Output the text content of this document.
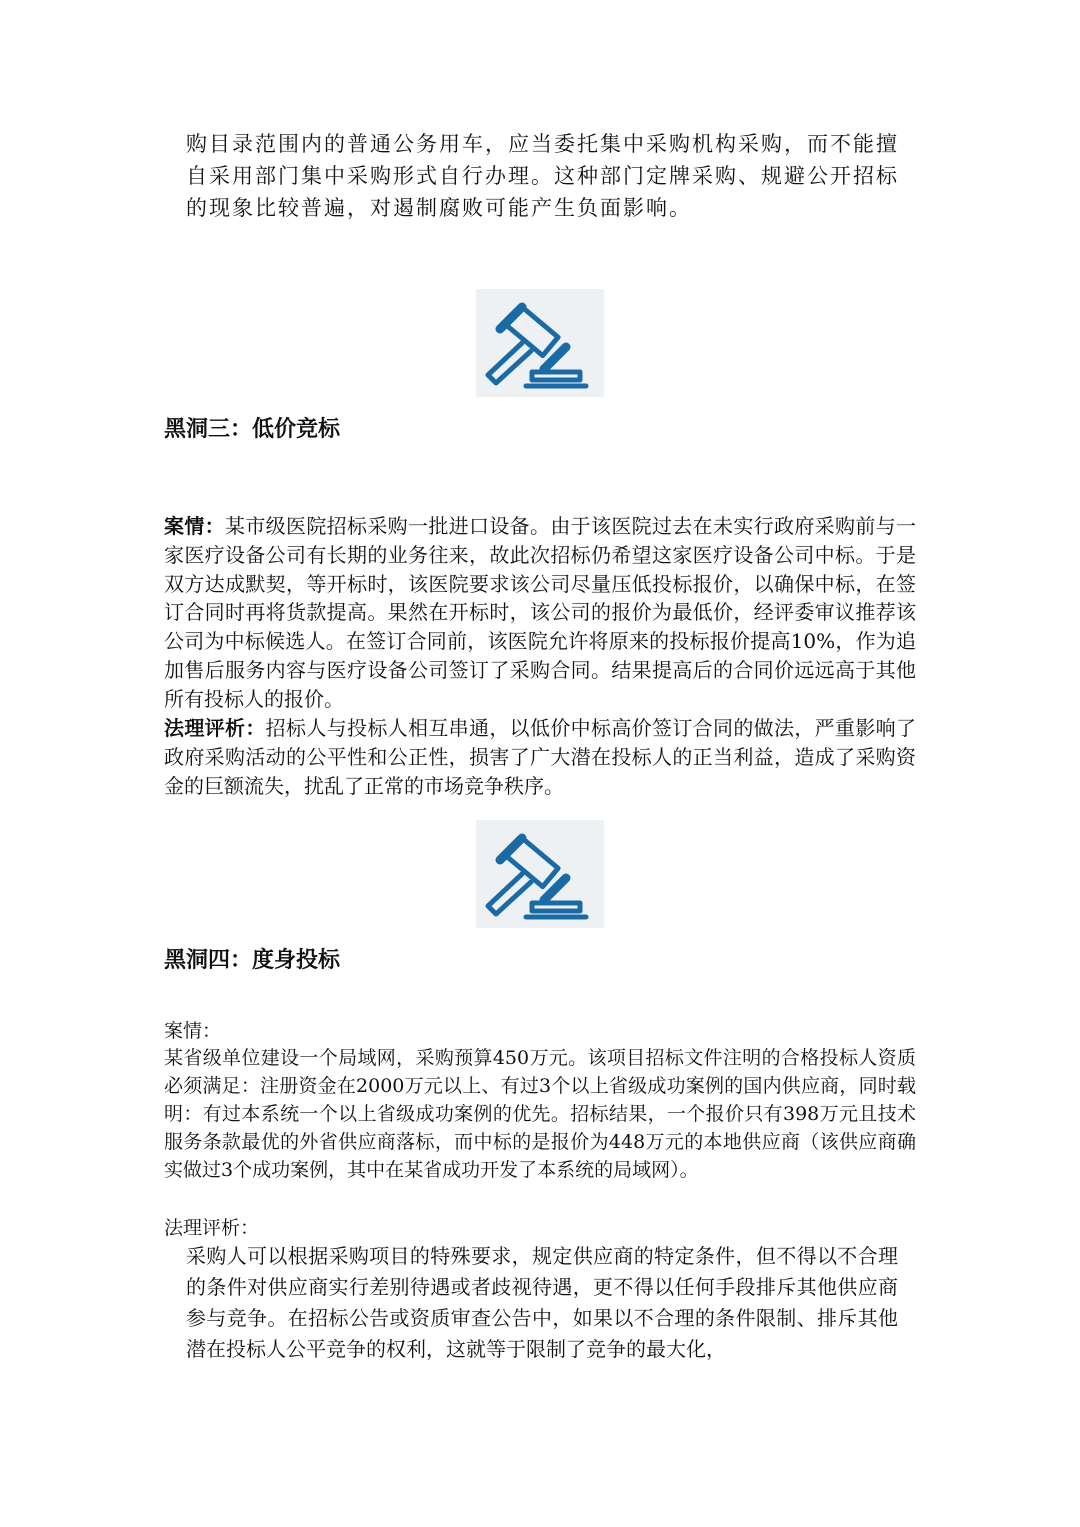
购目录范围内的普通公务用车，应当委托集中采购机构采购，而不能擅自采用部门集中采购形式自行办理。这种部门定牌采购、规避公开招标的现象比较普遍，对遏制腐败可能产生负面影响。
黑洞三：低价竞标
案情：某市级医院招标采购一批进口设备。由于该医院过去在未实行政府采购前与一家医疗设备公司有长期的业务往来，故此次招标仍希望这家医疗设备公司中标。于是双方达成默契，等开标时，该医院要求该公司尽量压低投标报价，以确保中标，在签订合同时再将货款提高。果然在开标时，该公司的报价为最低价，经评委审议推荐该公司为中标候选人。在签订合同前，该医院允许将原来的投标报价提高10%，作为追加售后服务内容与医疗设备公司签订了采购合同。结果提高后的合同价远远高于其他所有投标人的报价。
法理评析：招标人与投标人相互串通，以低价中标高价签订合同的做法，严重影响了政府采购活动的公平性和公正性，损害了广大潜在投标人的正当利益，造成了采购资金的巨额流失，扰乱了正常的市场竞争秩序。
黑洞四：度身投标
案情：
某省级单位建设一个局域网，采购预算450万元。该项目招标文件注明的合格投标人资质必须满足：注册资金在2000万元以上、有过3个以上省级成功案例的国内供应商，同时载明：有过本系统一个以上省级成功案例的优先。招标结果，一个报价只有398万元且技术服务条款最优的外省供应商落标，而中标的是报价为448万元的本地供应商（该供应商确实做过3个成功案例，其中在某省成功开发了本系统的局域网）。
法理评析：
采购人可以根据采购项目的特殊要求，规定供应商的特定条件，但不得以不合理的条件对供应商实行差别待遇或者歧视待遇，更不得以任何手段排斥其他供应商参与竞争。在招标公告或资质审查公告中，如果以不合理的条件限制、排斥其他潜在投标人公平竞争的权利，这就等于限制了竞争的最大化，
